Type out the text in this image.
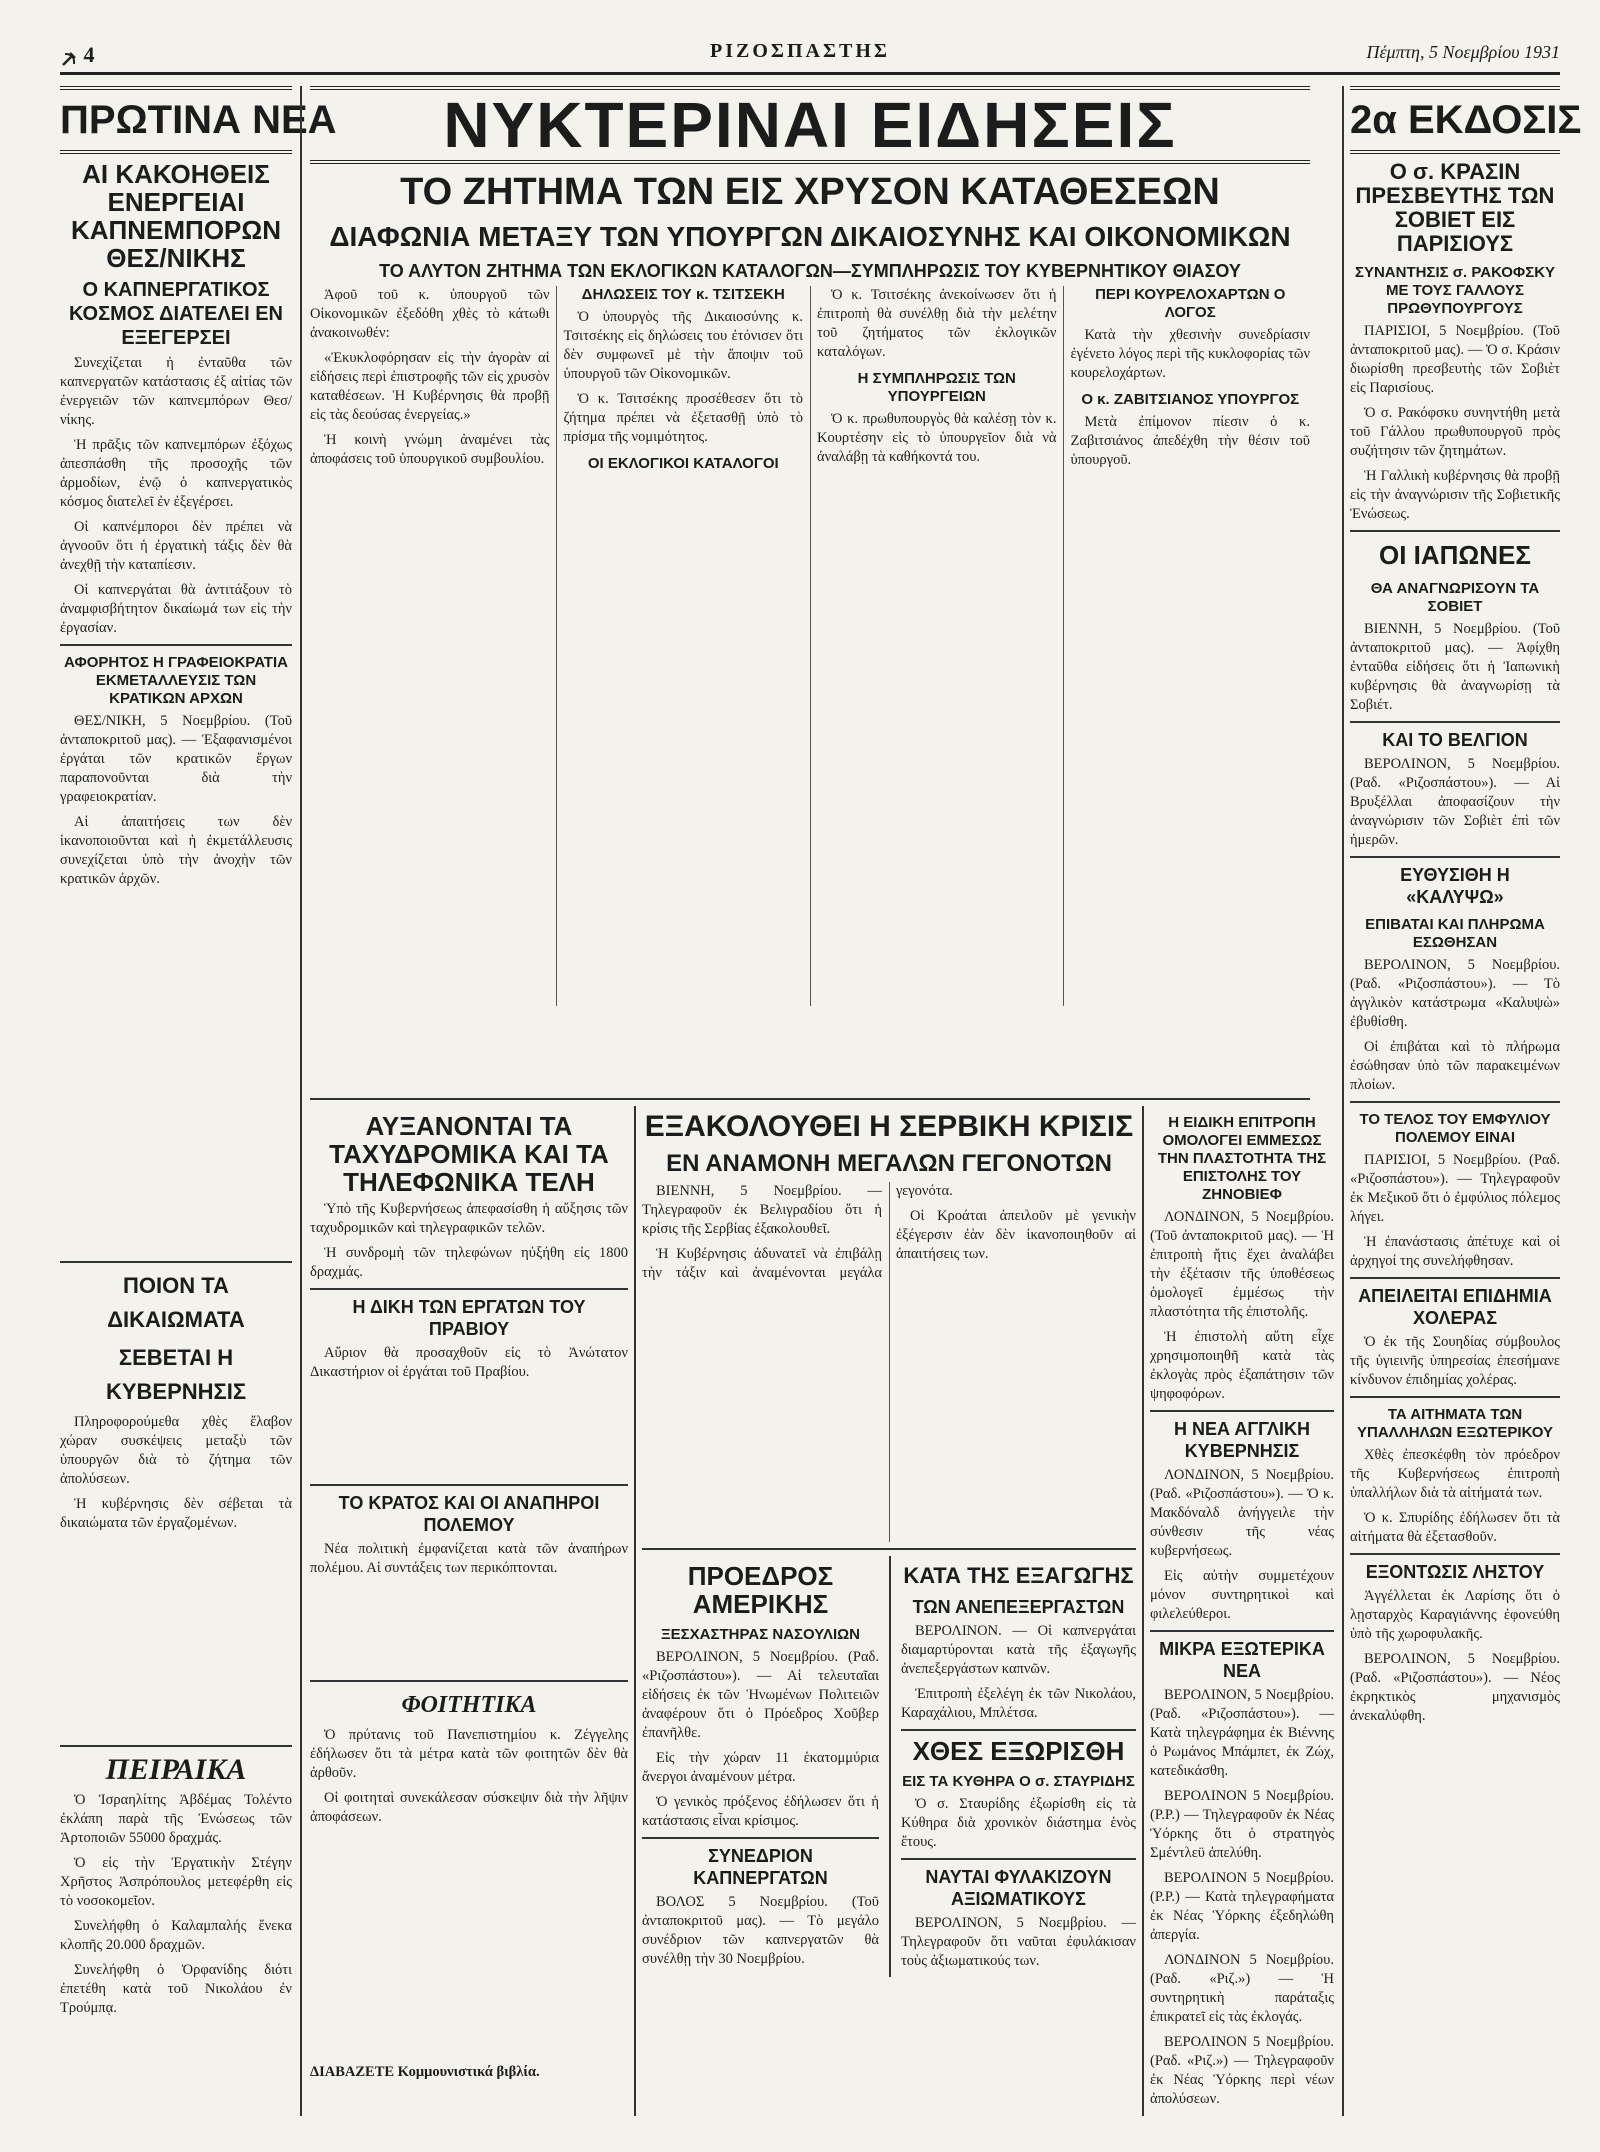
4	ΡΙΖΟΣΠΑΣΤΗΣ	Πέμπτη, 5 Νοεμβρίου 1931
ΠΡΩΤΙΝΑ ΝΕΑ
ΑΙ ΚΑΚΟΗΘΕΙΣ ΕΝΕΡΓΕΙΑΙ ΚΑΠΝΕΜΠΟΡΩΝ ΘΕΣ/ΝΙΚΗΣ
Ο ΚΑΠΝΕΡΓΑΤΙΚΟΣ ΚΟΣΜΟΣ ΔΙΑΤΕΛΕΙ ΕΝ ΕΞΕΓΕΡΣΕΙ

Συνεχίζεται ἡ ἐνταῦθα τῶν καπνεργατῶν κατάστασις ἐξ αἰτίας τῶν ἐνεργειῶν τῶν καπνεμπόρων Θεσ/νίκης.

Ἡ πρᾶξις τῶν καπνεμπόρων ἐξόχως ἀπεσπάσθη τῆς προσοχῆς τῶν ἀρμοδίων, ἐνῷ ὁ καπνεργατικὸς κόσμος διατελεῖ ἐν ἐξεγέρσει.

Οἱ καπνέμποροι δὲν πρέπει νὰ ἀγνοοῦν ὅτι ἡ ἐργατικὴ τάξις δὲν θὰ ἀνεχθῇ τὴν καταπίεσιν.

Οἱ καπνεργάται θὰ ἀντιτάξουν τὸ ἀναμφισβήτητον δικαίωμά των εἰς τὴν ἐργασίαν.

ΑΦΟΡΗΤΟΣ Η ΓΡΑΦΕΙΟΚΡΑΤΙΑ ΕΚΜΕΤΑΛΛΕΥΣΙΣ ΤΩΝ ΚΡΑΤΙΚΩΝ ΑΡΧΩΝ

ΘΕΣ/ΝΙΚΗ, 5 Νοεμβρίου. (Τοῦ ἀνταποκριτοῦ μας). — Ἐξαφανισμένοι ἐργάται τῶν κρατικῶν ἔργων παραπονοῦνται διὰ τὴν γραφειοκρατίαν.

Αἱ ἀπαιτήσεις των δὲν ἱκανοποιοῦνται καὶ ἡ ἐκμετάλλευσις συνεχίζεται ὑπὸ τὴν ἀνοχὴν τῶν κρατικῶν ἀρχῶν.

ΠΟΙΟΝ ΤΑ ΔΙΚΑΙΩΜΑΤΑ
ΣΕΒΕΤΑΙ Η ΚΥΒΕΡΝΗΣΙΣ

Πληροφορούμεθα χθὲς ἔλαβον χώραν συσκέψεις μεταξὺ τῶν ὑπουργῶν διὰ τὸ ζήτημα τῶν ἀπολύσεων.

Ἡ κυβέρνησις δὲν σέβεται τὰ δικαιώματα τῶν ἐργαζομένων.

ΠΕΙΡΑΙΚΑ

Ὁ Ἰσραηλίτης Ἀβδέμας Τολέντο ἐκλάπη παρὰ τῆς Ἐνώσεως τῶν Ἀρτοποιῶν 55000 δραχμάς.

Ὁ εἰς τὴν Ἐργατικὴν Στέγην Χρῆστος Ἀσπρόπουλος μετεφέρθη εἰς τὸ νοσοκομεῖον.

Συνελήφθη ὁ Καλαμπαλής ἕνεκα κλοπῆς 20.000 δραχμῶν.

Συνελήφθη ὁ Ὀρφανίδης διότι ἐπετέθη κατὰ τοῦ Νικολάου ἐν Τρούμπᾳ.

ΝΥΚΤΕΡΙΝΑΙ ΕΙΔΗΣΕΙΣ
ΤΟ ΖΗΤΗΜΑ ΤΩΝ ΕΙΣ ΧΡΥΣΟΝ ΚΑΤΑΘΕΣΕΩΝ
ΔΙΑΦΩΝΙΑ ΜΕΤΑΞΥ ΤΩΝ ΥΠΟΥΡΓΩΝ ΔΙΚΑΙΟΣΥΝΗΣ ΚΑΙ ΟΙΚΟΝΟΜΙΚΩΝ
ΤΟ ΑΛΥΤΟΝ ΖΗΤΗΜΑ ΤΩΝ ΕΚΛΟΓΙΚΩΝ ΚΑΤΑΛΟΓΩΝ—ΣΥΜΠΛΗΡΩΣΙΣ ΤΟΥ ΚΥΒΕΡΝΗΤΙΚΟΥ ΘΙΑΣΟΥ

Ἀφοῦ τοῦ κ. ὑπουργοῦ τῶν Οἰκονομικῶν ἐξεδόθη χθὲς τὸ κάτωθι ἀνακοινωθέν:

«Ἐκυκλοφόρησαν εἰς τὴν ἀγορὰν αἱ εἰδήσεις περὶ ἐπιστροφῆς τῶν εἰς χρυσὸν καταθέσεων. Ἡ Κυβέρνησις θὰ προβῇ εἰς τὰς δεούσας ἐνεργείας.»

Ἡ κοινὴ γνώμη ἀναμένει τὰς ἀποφάσεις τοῦ ὑπουργικοῦ συμβουλίου.

ΔΗΛΩΣΕΙΣ ΤΟΥ κ. ΤΣΙΤΣΕΚΗ

Ὁ ὑπουργὸς τῆς Δικαιοσύνης κ. Τσιτσέκης εἰς δηλώσεις του ἐτόνισεν ὅτι δὲν συμφωνεῖ μὲ τὴν ἄποψιν τοῦ ὑπουργοῦ τῶν Οἰκονομικῶν.

Ὁ κ. Τσιτσέκης προσέθεσεν ὅτι τὸ ζήτημα πρέπει νὰ ἐξετασθῇ ὑπὸ τὸ πρίσμα τῆς νομιμότητος.

ΟΙ ΕΚΛΟΓΙΚΟΙ ΚΑΤΑΛΟΓΟΙ

Ὁ κ. Τσιτσέκης ἀνεκοίνωσεν ὅτι ἡ ἐπιτροπὴ θὰ συνέλθῃ διὰ τὴν μελέτην τοῦ ζητήματος τῶν ἐκλογικῶν καταλόγων.

Η ΣΥΜΠΛΗΡΩΣΙΣ ΤΩΝ ΥΠΟΥΡΓΕΙΩΝ

Ὁ κ. πρωθυπουργὸς θὰ καλέσῃ τὸν κ. Κουρτέσην εἰς τὸ ὑπουργεῖον διὰ νὰ ἀναλάβῃ τὰ καθήκοντά του.

ΠΕΡΙ ΚΟΥΡΕΛΟΧΑΡΤΩΝ Ο ΛΟΓΟΣ

Κατὰ τὴν χθεσινὴν συνεδρίασιν ἐγένετο λόγος περὶ τῆς κυκλοφορίας τῶν κουρελοχάρτων.

Ο κ. ΖΑΒΙΤΣΙΑΝΟΣ ΥΠΟΥΡΓΟΣ

Μετὰ ἐπίμονον πίεσιν ὁ κ. Ζαβιτσιάνος ἀπεδέχθη τὴν θέσιν τοῦ ὑπουργοῦ.

ΑΥΞΑΝΟΝΤΑΙ ΤΑ ΤΑΧΥΔΡΟΜΙΚΑ ΚΑΙ ΤΑ ΤΗΛΕΦΩΝΙΚΑ ΤΕΛΗ

Ὑπὸ τῆς Κυβερνήσεως ἀπεφασίσθη ἡ αὔξησις τῶν ταχυδρομικῶν καὶ τηλεγραφικῶν τελῶν.

Ἡ συνδρομὴ τῶν τηλεφώνων ηὐξήθη εἰς 1800 δραχμάς.

Η ΔΙΚΗ ΤΩΝ ΕΡΓΑΤΩΝ ΤΟΥ ΠΡΑΒΙΟΥ

Αὔριον θὰ προσαχθοῦν εἰς τὸ Ἀνώτατον Δικαστήριον οἱ ἐργάται τοῦ Πραβίου.

ΤΟ ΚΡΑΤΟΣ ΚΑΙ ΟΙ ΑΝΑΠΗΡΟΙ ΠΟΛΕΜΟΥ

Νέα πολιτικὴ ἐμφανίζεται κατὰ τῶν ἀναπήρων πολέμου. Αἱ συντάξεις των περικόπτονται.

ΦΟΙΤΗΤΙΚΑ

Ὁ πρύτανις τοῦ Πανεπιστημίου κ. Ζέγγελης ἐδήλωσεν ὅτι τὰ μέτρα κατὰ τῶν φοιτητῶν δὲν θὰ ἀρθοῦν.

Οἱ φοιτηταὶ συνεκάλεσαν σύσκεψιν διὰ τὴν λῆψιν ἀποφάσεων.

ΔΙΑΒΑΖΕΤΕ Κομμουνιστικά βιβλία.

ΕΞΑΚΟΛΟΥΘΕΙ Η ΣΕΡΒΙΚΗ ΚΡΙΣΙΣ
ΕΝ ΑΝΑΜΟΝΗ ΜΕΓΑΛΩΝ ΓΕΓΟΝΟΤΩΝ

ΒΙΕΝΝΗ, 5 Νοεμβρίου. — Τηλεγραφοῦν ἐκ Βελιγραδίου ὅτι ἡ κρίσις τῆς Σερβίας ἐξακολουθεῖ.

Ἡ Κυβέρνησις ἀδυνατεῖ νὰ ἐπιβάλῃ τὴν τάξιν καὶ ἀναμένονται μεγάλα γεγονότα.

Οἱ Κροάται ἀπειλοῦν μὲ γενικὴν ἐξέγερσιν ἐὰν δὲν ἱκανοποιηθοῦν αἱ ἀπαιτήσεις των.

ΠΡΟΕΔΡΟΣ ΑΜΕΡΙΚΗΣ
ΞΕΣΧΑΣΤΗΡΑΣ ΝΑΣΟΥΛΙΩΝ

ΒΕΡΟΛΙΝΟΝ, 5 Νοεμβρίου. (Ραδ. «Ριζοσπάστου»). — Αἱ τελευταῖαι εἰδήσεις ἐκ τῶν Ἡνωμένων Πολιτειῶν ἀναφέρουν ὅτι ὁ Πρόεδρος Χοῦβερ ἐπανῆλθε.

Εἰς τὴν χώραν 11 ἑκατομμύρια ἄνεργοι ἀναμένουν μέτρα.

Ὁ γενικὸς πρόξενος ἐδήλωσεν ὅτι ἡ κατάστασις εἶναι κρίσιμος.

ΣΥΝΕΔΡΙΟΝ ΚΑΠΝΕΡΓΑΤΩΝ

ΒΟΛΟΣ 5 Νοεμβρίου. (Τοῦ ἀνταποκριτοῦ μας). — Τὸ μεγάλο συνέδριον τῶν καπνεργατῶν θὰ συνέλθῃ τὴν 30 Νοεμβρίου.

ΚΑΤΑ ΤΗΣ ΕΞΑΓΩΓΗΣ
ΤΩΝ ΑΝΕΠΕΞΕΡΓΑΣΤΩΝ

ΒΕΡΟΛΙΝΟΝ. — Οἱ καπνεργάται διαμαρτύρονται κατὰ τῆς ἐξαγωγῆς ἀνεπεξεργάστων καπνῶν.

Ἐπιτροπὴ ἐξελέγη ἐκ τῶν Νικολάου, Καραχάλιου, Μπλέτσα.

ΧΘΕΣ ΕΞΩΡΙΣΘΗ
ΕΙΣ ΤΑ ΚΥΘΗΡΑ Ο σ. ΣΤΑΥΡΙΔΗΣ

Ὁ σ. Σταυρίδης ἐξωρίσθη εἰς τὰ Κύθηρα διὰ χρονικὸν διάστημα ἑνὸς ἔτους.

ΝΑΥΤΑΙ ΦΥΛΑΚΙΖΟΥΝ ΑΞΙΩΜΑΤΙΚΟΥΣ

ΒΕΡΟΛΙΝΟΝ, 5 Νοεμβρίου. — Τηλεγραφοῦν ὅτι ναῦται ἐφυλάκισαν τοὺς ἀξιωματικούς των.

Η ΕΙΔΙΚΗ ΕΠΙΤΡΟΠΗ ΟΜΟΛΟΓΕΙ ΕΜΜΕΣΩΣ ΤΗΝ ΠΛΑΣΤΟΤΗΤΑ ΤΗΣ ΕΠΙΣΤΟΛΗΣ ΤΟΥ ΖΗΝΟΒΙΕΦ

ΛΟΝΔΙΝΟΝ, 5 Νοεμβρίου. (Τοῦ ἀνταποκριτοῦ μας). — Ἡ ἐπιτροπὴ ἤτις ἔχει ἀναλάβει τὴν ἐξέτασιν τῆς ὑποθέσεως ὁμολογεῖ ἐμμέσως τὴν πλαστότητα τῆς ἐπιστολῆς.

Ἡ ἐπιστολὴ αὕτη εἶχε χρησιμοποιηθῆ κατὰ τὰς ἐκλογὰς πρὸς ἐξαπάτησιν τῶν ψηφοφόρων.

Η ΝΕΑ ΑΓΓΛΙΚΗ ΚΥΒΕΡΝΗΣΙΣ

ΛΟΝΔΙΝΟΝ, 5 Νοεμβρίου. (Ραδ. «Ριζοσπάστου»). — Ὁ κ. Μακδόναλδ ἀνήγγειλε τὴν σύνθεσιν τῆς νέας κυβερνήσεως.

Εἰς αὐτὴν συμμετέχουν μόνον συντηρητικοὶ καὶ φιλελεύθεροι.

ΜΙΚΡΑ ΕΞΩΤΕΡΙΚΑ ΝΕΑ

ΒΕΡΟΛΙΝΟΝ, 5 Νοεμβρίου. (Ραδ. «Ριζοσπάστου»). — Κατὰ τηλεγράφημα ἐκ Βιέννης ὁ Ρωμάνος Μπάμπετ, ἐκ Ζώχ, κατεδικάσθη.

ΒΕΡΟΛΙΝΟΝ 5 Νοεμβρίου. (Ρ.Ρ.) — Τηλεγραφοῦν ἐκ Νέας Ὑόρκης ὅτι ὁ στρατηγὸς Σμέντλεϋ ἀπελύθη.

ΒΕΡΟΛΙΝΟΝ 5 Νοεμβρίου. (Ρ.Ρ.) — Κατὰ τηλεγραφήματα ἐκ Νέας Ὑόρκης ἐξεδηλώθη ἀπεργία.

ΛΟΝΔΙΝΟΝ 5 Νοεμβρίου. (Ραδ. «Ριζ.») — Ἡ συντηρητικὴ παράταξις ἐπικρατεῖ εἰς τὰς ἐκλογάς.

ΒΕΡΟΛΙΝΟΝ 5 Νοεμβρίου. (Ραδ. «Ριζ.») — Τηλεγραφοῦν ἐκ Νέας Ὑόρκης περὶ νέων ἀπολύσεων.

2α ΕΚΔΟΣΙΣ
Ο σ. ΚΡΑΣΙΝ ΠΡΕΣΒΕΥΤΗΣ ΤΩΝ ΣΟΒΙΕΤ ΕΙΣ ΠΑΡΙΣΙΟΥΣ
ΣΥΝΑΝΤΗΣΙΣ σ. ΡΑΚΟΦΣΚΥ ΜΕ ΤΟΥΣ ΓΑΛΛΟΥΣ ΠΡΩΘΥΠΟΥΡΓΟΥΣ

ΠΑΡΙΣΙΟΙ, 5 Νοεμβρίου. (Τοῦ ἀνταποκριτοῦ μας). — Ὁ σ. Κράσιν διωρίσθη πρεσβευτὴς τῶν Σοβιὲτ εἰς Παρισίους.

Ὁ σ. Ρακόφσκυ συνηντήθη μετὰ τοῦ Γάλλου πρωθυπουργοῦ πρὸς συζήτησιν τῶν ζητημάτων.

Ἡ Γαλλικὴ κυβέρνησις θὰ προβῇ εἰς τὴν ἀναγνώρισιν τῆς Σοβιετικῆς Ἑνώσεως.

ΟΙ ΙΑΠΩΝΕΣ
ΘΑ ΑΝΑΓΝΩΡΙΣΟΥΝ ΤΑ ΣΟΒΙΕΤ

ΒΙΕΝΝΗ, 5 Νοεμβρίου. (Τοῦ ἀνταποκριτοῦ μας). — Ἀφίχθη ἐνταῦθα εἰδήσεις ὅτι ἡ Ἰαπωνικὴ κυβέρνησις θὰ ἀναγνωρίσῃ τὰ Σοβιέτ.

ΚΑΙ ΤΟ ΒΕΛΓΙΟΝ

ΒΕΡΟΛΙΝΟΝ, 5 Νοεμβρίου. (Ραδ. «Ριζοσπάστου»). — Αἱ Βρυξέλλαι ἀποφασίζουν τὴν ἀναγνώρισιν τῶν Σοβιὲτ ἐπὶ τῶν ἡμερῶν.

ΕΥΘΥΣΙΘΗ Η «ΚΑΛΥΨΩ»
ΕΠΙΒΑΤΑΙ ΚΑΙ ΠΛΗΡΩΜΑ ΕΣΩΘΗΣΑΝ

ΒΕΡΟΛΙΝΟΝ, 5 Νοεμβρίου. (Ραδ. «Ριζοσπάστου»). — Τὸ ἀγγλικὸν κατάστρωμα «Καλυψὼ» ἐβυθίσθη.

Οἱ ἐπιβάται καὶ τὸ πλήρωμα ἐσώθησαν ὑπὸ τῶν παρακειμένων πλοίων.

ΤΟ ΤΕΛΟΣ ΤΟΥ ΕΜΦΥΛΙΟΥ ΠΟΛΕΜΟΥ ΕΙΝΑΙ

ΠΑΡΙΣΙΟΙ, 5 Νοεμβρίου. (Ραδ. «Ριζοσπάστου»). — Τηλεγραφοῦν ἐκ Μεξικοῦ ὅτι ὁ ἐμφύλιος πόλεμος λήγει.

Ἡ ἐπανάστασις ἀπέτυχε καὶ οἱ ἀρχηγοί της συνελήφθησαν.

ΑΠΕΙΛΕΙΤΑΙ ΕΠΙΔΗΜΙΑ ΧΟΛΕΡΑΣ

Ὁ ἐκ τῆς Σουηδίας σύμβουλος τῆς ὑγιεινῆς ὑπηρεσίας ἐπεσήμανε κίνδυνον ἐπιδημίας χολέρας.

ΤΑ ΑΙΤΗΜΑΤΑ ΤΩΝ ΥΠΑΛΛΗΛΩΝ ΕΞΩΤΕΡΙΚΟΥ

Χθὲς ἐπεσκέφθη τὸν πρόεδρον τῆς Κυβερνήσεως ἐπιτροπὴ ὑπαλλήλων διὰ τὰ αἰτήματά των.

Ὁ κ. Σπυρίδης ἐδήλωσεν ὅτι τὰ αἰτήματα θὰ ἐξετασθοῦν.

ΕΞΟΝΤΩΣΙΣ ΛΗΣΤΟΥ

Ἀγγέλλεται ἐκ Λαρίσης ὅτι ὁ λῃσταρχὸς Καραγιάννης ἐφονεύθη ὑπὸ τῆς χωροφυλακῆς.

ΒΕΡΟΛΙΝΟΝ, 5 Νοεμβρίου. (Ραδ. «Ριζοσπάστου»). — Νέος ἐκρηκτικὸς μηχανισμὸς ἀνεκαλύφθη.
